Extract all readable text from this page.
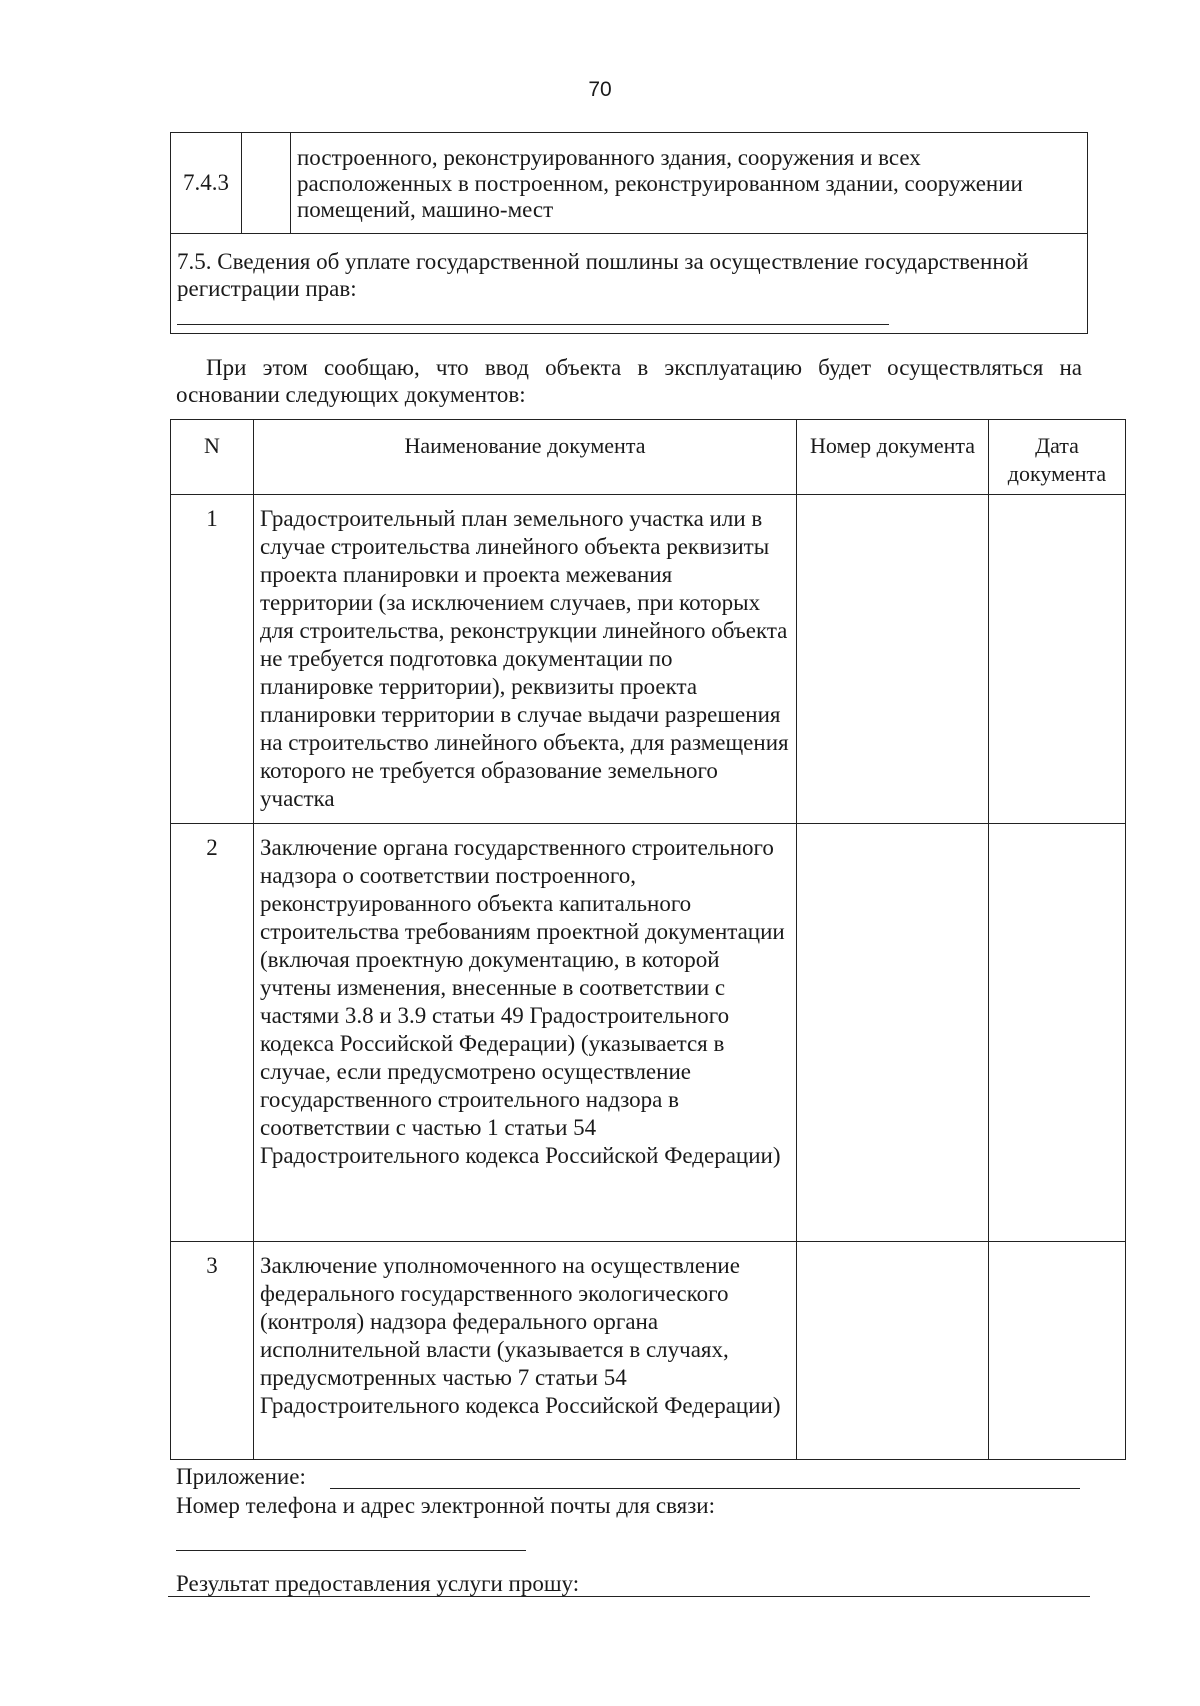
70
7.4.3		построенного, реконструированного здания, сооружения и всех расположенных в построенном, реконструированном здании, сооружении помещений, машино-мест
7.5. Сведения об уплате государственной пошлины за осуществление государственной регистрации прав:
При этом сообщаю, что ввод объекта в эксплуатацию будет осуществляться на основании следующих документов:
N	Наименование документа	Номер документа	Дата документа
1	Градостроительный план земельного участка или в случае строительства линейного объекта реквизиты проекта планировки и проекта межевания территории (за исключением случаев, при которых для строительства, реконструкции линейного объекта не требуется подготовка документации по планировке территории), реквизиты проекта планировки территории в случае выдачи разрешения на строительство линейного объекта, для размещения которого не требуется образование земельного участка		
2	Заключение органа государственного строительного надзора о соответствии построенного, реконструированного объекта капитального строительства требованиям проектной документации (включая проектную документацию, в которой учтены изменения, внесенные в соответствии с частями 3.8 и 3.9 статьи 49 Градостроительного кодекса Российской Федерации) (указывается в случае, если предусмотрено осуществление государственного строительного надзора в соответствии с частью 1 статьи 54 Градостроительного кодекса Российской Федерации)		
3	Заключение уполномоченного на осуществление федерального государственного экологического (контроля) надзора федерального органа исполнительной власти (указывается в случаях, предусмотренных частью 7 статьи 54 Градостроительного кодекса Российской Федерации)		
Приложение:
Номер телефона и адрес электронной почты для связи:
Результат предоставления услуги прошу:
